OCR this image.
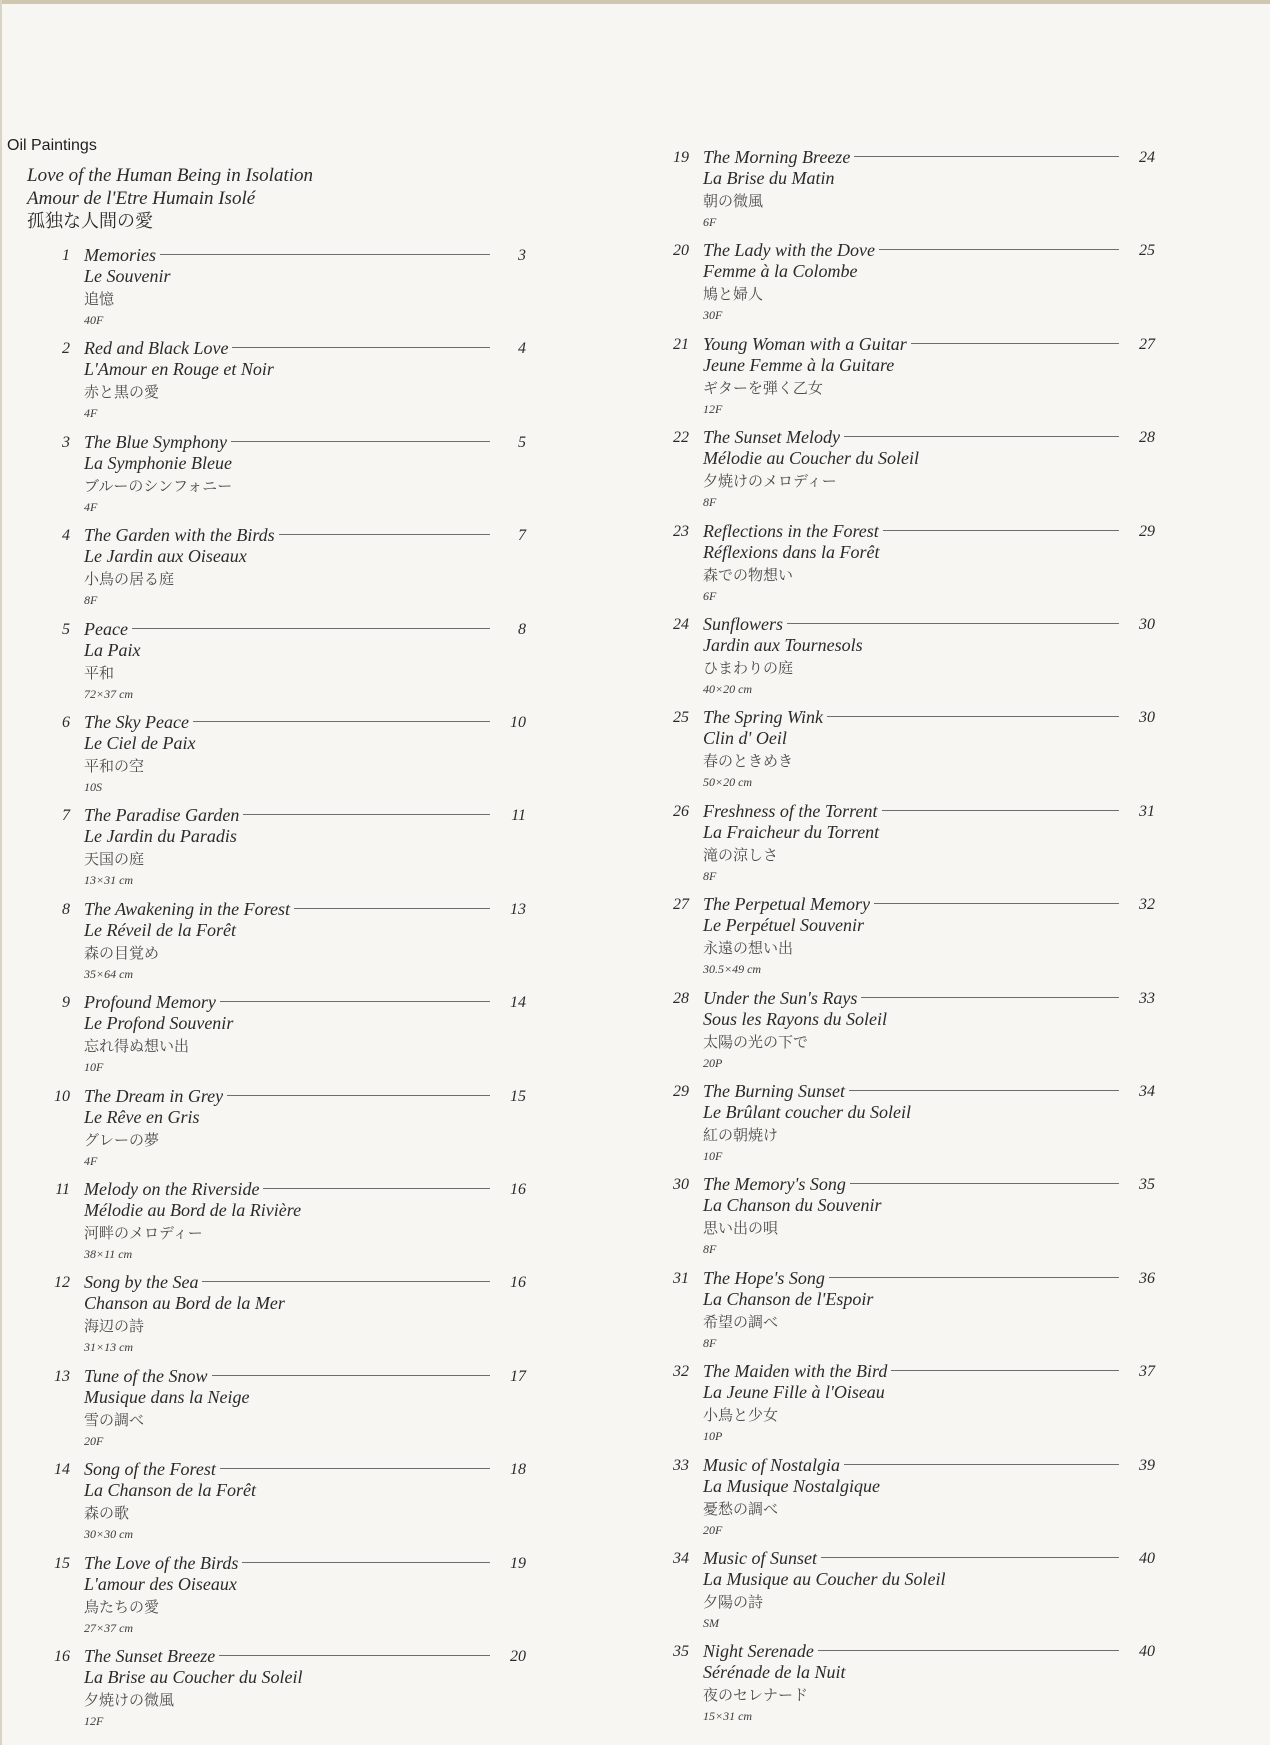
Oil Paintings
Love of the Human Being in Isolation
Amour de l'Etre Humain Isolé
孤独な人間の愛
1 Memories	3
Le Souvenir
追憶
40F
2 Red and Black Love	4
L'Amour en Rouge et Noir
赤と黒の愛
4F
3 The Blue Symphony	5
La Symphonie Bleue
ブルーのシンフォニー
4F
4 The Garden with the Birds	7
Le Jardin aux Oiseaux
小鳥の居る庭
8F
5 Peace	8
La Paix
平和
72×37 cm
6 The Sky Peace	10
Le Ciel de Paix
平和の空
10S
7 The Paradise Garden	11
Le Jardin du Paradis
天国の庭
13×31 cm
8 The Awakening in the Forest	13
Le Réveil de la Forêt
森の目覚め
35×64 cm
9 Profound Memory	14
Le Profond Souvenir
忘れ得ぬ想い出
10F
10 The Dream in Grey	15
Le Rêve en Gris
グレーの夢
4F
11 Melody on the Riverside	16
Mélodie au Bord de la Rivière
河畔のメロディー
38×11 cm
12 Song by the Sea	16
Chanson au Bord de la Mer
海辺の詩
31×13 cm
13 Tune of the Snow	17
Musique dans la Neige
雪の調べ
20F
14 Song of the Forest	18
La Chanson de la Forêt
森の歌
30×30 cm
15 The Love of the Birds	19
L'amour des Oiseaux
鳥たちの愛
27×37 cm
16 The Sunset Breeze	20
La Brise au Coucher du Soleil
夕焼けの微風
12F
19 The Morning Breeze	24
La Brise du Matin
朝の微風
6F
20 The Lady with the Dove	25
Femme à la Colombe
鳩と婦人
30F
21 Young Woman with a Guitar	27
Jeune Femme à la Guitare
ギターを弾く乙女
12F
22 The Sunset Melody	28
Mélodie au Coucher du Soleil
夕焼けのメロディー
8F
23 Reflections in the Forest	29
Réflexions dans la Forêt
森での物想い
6F
24 Sunflowers	30
Jardin aux Tournesols
ひまわりの庭
40×20 cm
25 The Spring Wink	30
Clin d' Oeil
春のときめき
50×20 cm
26 Freshness of the Torrent	31
La Fraicheur du Torrent
滝の涼しさ
8F
27 The Perpetual Memory	32
Le Perpétuel Souvenir
永遠の想い出
30.5×49 cm
28 Under the Sun's Rays	33
Sous les Rayons du Soleil
太陽の光の下で
20P
29 The Burning Sunset	34
Le Brûlant coucher du Soleil
紅の朝焼け
10F
30 The Memory's Song	35
La Chanson du Souvenir
思い出の唄
8F
31 The Hope's Song	36
La Chanson de l'Espoir
希望の調べ
8F
32 The Maiden with the Bird	37
La Jeune Fille à l'Oiseau
小鳥と少女
10P
33 Music of Nostalgia	39
La Musique Nostalgique
憂愁の調べ
20F
34 Music of Sunset	40
La Musique au Coucher du Soleil
夕陽の詩
SM
35 Night Serenade	40
Sérénade de la Nuit
夜のセレナード
15×31 cm
